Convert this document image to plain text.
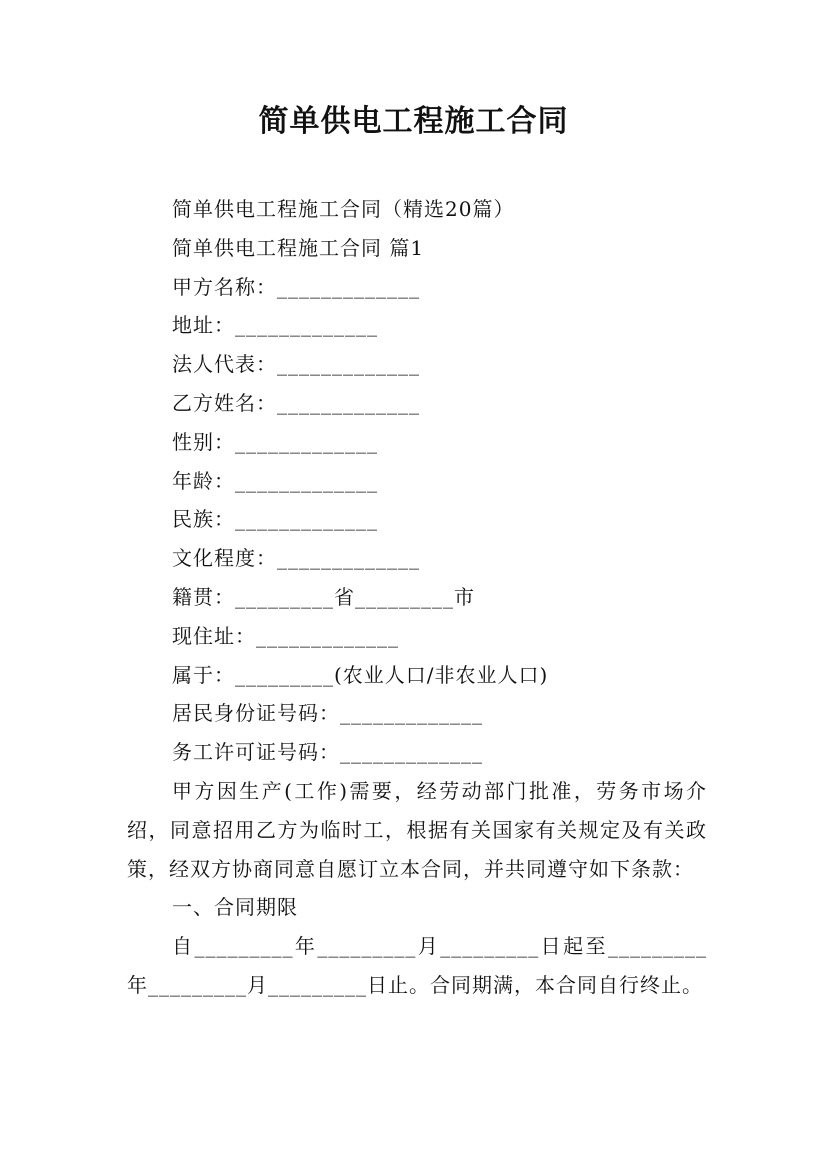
简单供电工程施工合同

简单供电工程施工合同（精选20篇）

简单供电工程施工合同 篇1

甲方名称：_____________

地址：_____________

法人代表：_____________

乙方姓名：_____________

性别：_____________

年龄：_____________

民族：_____________

文化程度：_____________

籍贯：_________省_________市

现住址：_____________

属于：_________(农业人口/非农业人口)

居民身份证号码：_____________

务工许可证号码：_____________

甲方因生产(工作)需要，经劳动部门批准，劳务市场介绍，同意招用乙方为临时工，根据有关国家有关规定及有关政策，经双方协商同意自愿订立本合同，并共同遵守如下条款：

一、合同期限

自_________年_________月_________日起至_________年_________月_________日止。合同期满，本合同自行终止。
